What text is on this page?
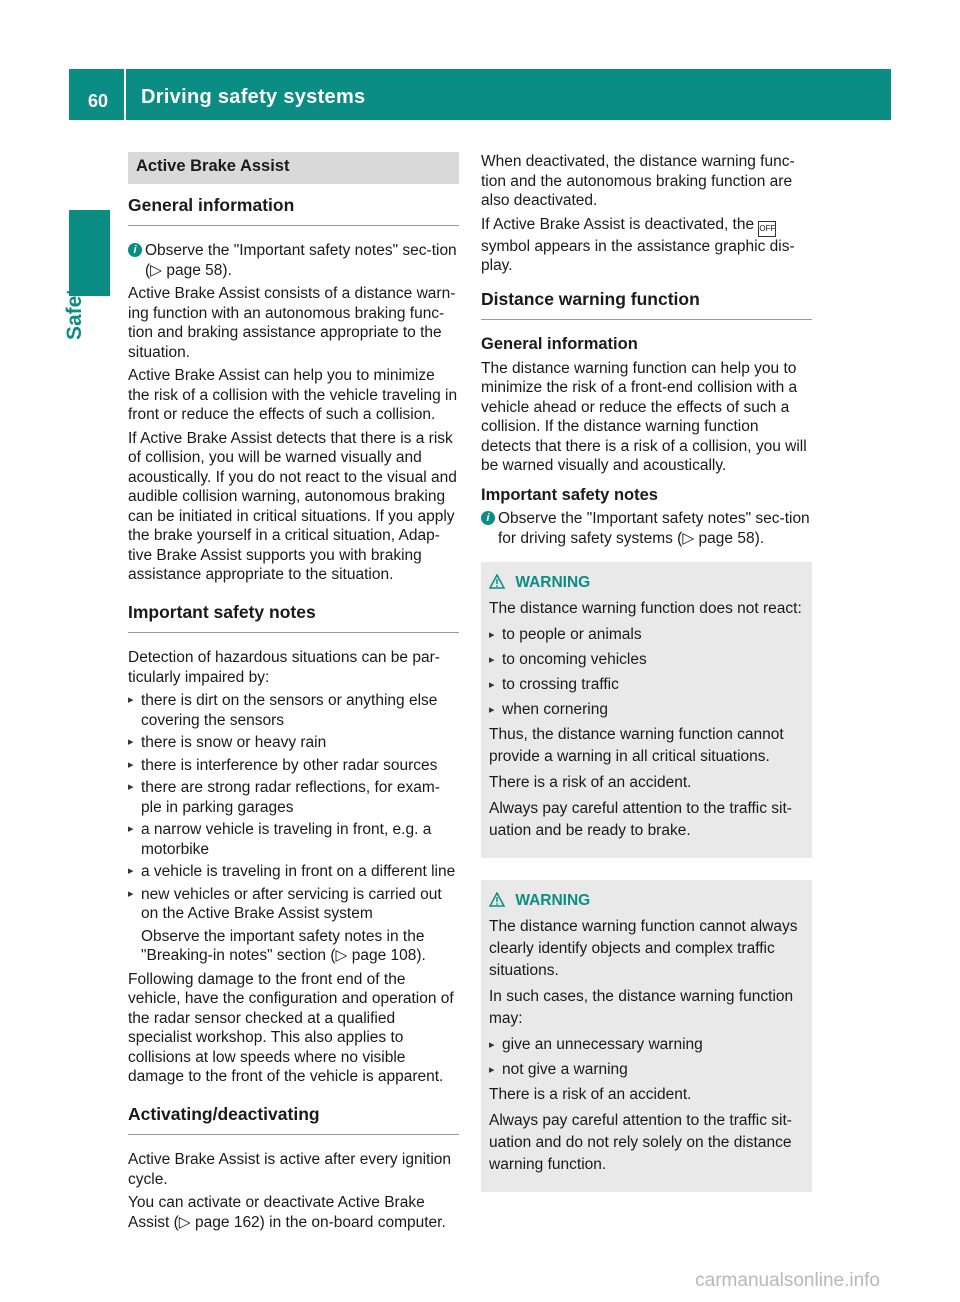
60 Driving safety systems
Safety
Active Brake Assist
General information
i Observe the "Important safety notes" sec-tion (▷ page 58).

Active Brake Assist consists of a distance warn-ing function with an autonomous braking func-tion and braking assistance appropriate to the situation.

Active Brake Assist can help you to minimize the risk of a collision with the vehicle traveling in front or reduce the effects of such a collision.

If Active Brake Assist detects that there is a risk of collision, you will be warned visually and acoustically. If you do not react to the visual and audible collision warning, autonomous braking can be initiated in critical situations. If you apply the brake yourself in a critical situation, Adap-tive Brake Assist supports you with braking assistance appropriate to the situation.

Important safety notes

Detection of hazardous situations can be par-ticularly impaired by:

▸ there is dirt on the sensors or anything else covering the sensors
▸ there is snow or heavy rain
▸ there is interference by other radar sources
▸ there are strong radar reflections, for exam-ple in parking garages
▸ a narrow vehicle is traveling in front, e.g. a motorbike
▸ a vehicle is traveling in front on a different line
▸ new vehicles or after servicing is carried out on the Active Brake Assist system

Observe the important safety notes in the "Breaking-in notes" section (▷ page 108).

Following damage to the front end of the vehicle, have the configuration and operation of the radar sensor checked at a qualified specialist workshop. This also applies to collisions at low speeds where no visible damage to the front of the vehicle is apparent.

Activating/deactivating

Active Brake Assist is active after every ignition cycle.

You can activate or deactivate Active Brake Assist (▷ page 162) in the on-board computer.

When deactivated, the distance warning func-tion and the autonomous braking function are also deactivated.

If Active Brake Assist is deactivated, the OFF symbol appears in the assistance graphic dis-play.

Distance warning function
General information

The distance warning function can help you to minimize the risk of a front-end collision with a vehicle ahead or reduce the effects of such a collision. If the distance warning function detects that there is a risk of a collision, you will be warned visually and acoustically.

Important safety notes
i Observe the "Important safety notes" sec-tion for driving safety systems (▷ page 58).
WARNING

The distance warning function does not react:

▸ to people or animals
▸ to oncoming vehicles
▸ to crossing traffic
▸ when cornering

Thus, the distance warning function cannot provide a warning in all critical situations.

There is a risk of an accident.

Always pay careful attention to the traffic sit-uation and be ready to brake.

WARNING

The distance warning function cannot always clearly identify objects and complex traffic situations.

In such cases, the distance warning function may:

▸ give an unnecessary warning
▸ not give a warning

There is a risk of an accident.

Always pay careful attention to the traffic sit-uation and do not rely solely on the distance warning function.

carmanualsonline.info
